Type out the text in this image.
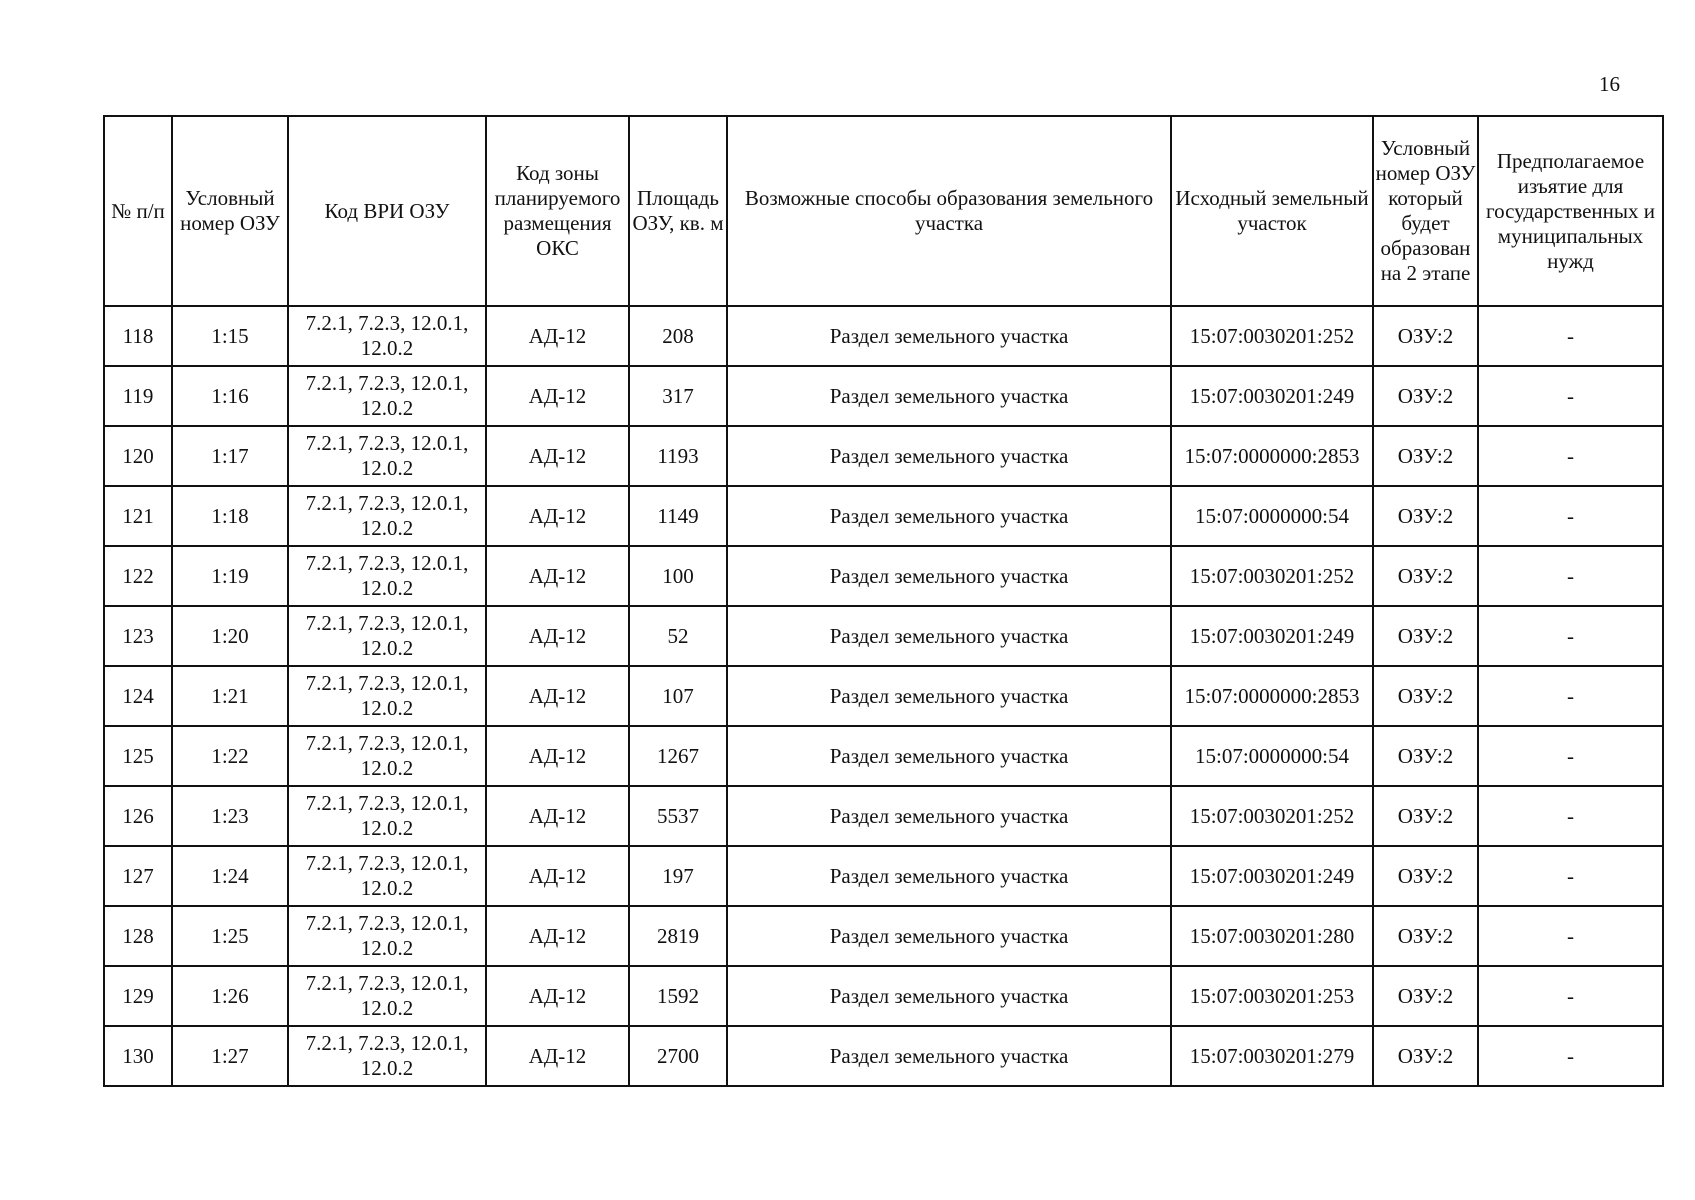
16
№ п/п	Условный номер ОЗУ	Код ВРИ ОЗУ	Код зоны планируемого размещения ОКС	Площадь ОЗУ, кв. м	Возможные способы образования земельного участка	Исходный земельный участок	Условный номер ОЗУ который будет образован на 2 этапе	Предполагаемое изъятие для государственных и муниципальных нужд
118	1:15	7.2.1, 7.2.3, 12.0.1, 12.0.2	АД-12	208	Раздел земельного участка	15:07:0030201:252	ОЗУ:2	-
119	1:16	7.2.1, 7.2.3, 12.0.1, 12.0.2	АД-12	317	Раздел земельного участка	15:07:0030201:249	ОЗУ:2	-
120	1:17	7.2.1, 7.2.3, 12.0.1, 12.0.2	АД-12	1193	Раздел земельного участка	15:07:0000000:2853	ОЗУ:2	-
121	1:18	7.2.1, 7.2.3, 12.0.1, 12.0.2	АД-12	1149	Раздел земельного участка	15:07:0000000:54	ОЗУ:2	-
122	1:19	7.2.1, 7.2.3, 12.0.1, 12.0.2	АД-12	100	Раздел земельного участка	15:07:0030201:252	ОЗУ:2	-
123	1:20	7.2.1, 7.2.3, 12.0.1, 12.0.2	АД-12	52	Раздел земельного участка	15:07:0030201:249	ОЗУ:2	-
124	1:21	7.2.1, 7.2.3, 12.0.1, 12.0.2	АД-12	107	Раздел земельного участка	15:07:0000000:2853	ОЗУ:2	-
125	1:22	7.2.1, 7.2.3, 12.0.1, 12.0.2	АД-12	1267	Раздел земельного участка	15:07:0000000:54	ОЗУ:2	-
126	1:23	7.2.1, 7.2.3, 12.0.1, 12.0.2	АД-12	5537	Раздел земельного участка	15:07:0030201:252	ОЗУ:2	-
127	1:24	7.2.1, 7.2.3, 12.0.1, 12.0.2	АД-12	197	Раздел земельного участка	15:07:0030201:249	ОЗУ:2	-
128	1:25	7.2.1, 7.2.3, 12.0.1, 12.0.2	АД-12	2819	Раздел земельного участка	15:07:0030201:280	ОЗУ:2	-
129	1:26	7.2.1, 7.2.3, 12.0.1, 12.0.2	АД-12	1592	Раздел земельного участка	15:07:0030201:253	ОЗУ:2	-
130	1:27	7.2.1, 7.2.3, 12.0.1, 12.0.2	АД-12	2700	Раздел земельного участка	15:07:0030201:279	ОЗУ:2	-
